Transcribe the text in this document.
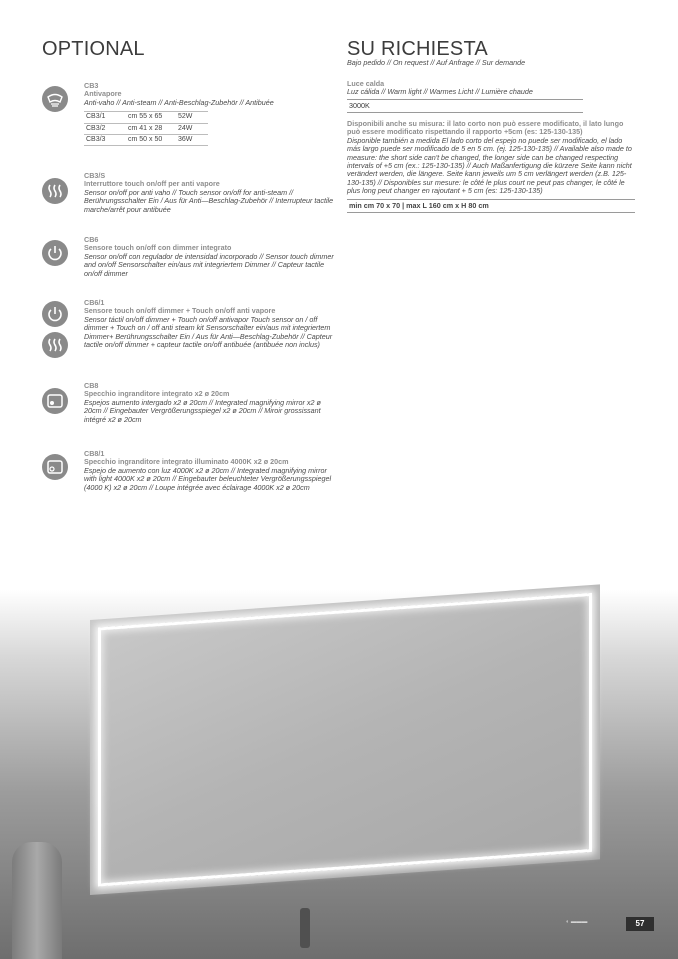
OPTIONAL	SU RICHIESTA
CB3
Antivapore
Anti-vaho // Anti-steam // Anti-Beschlag-Zubehör // Antibuée
CB3/1	cm 55 x 65	52W
CB3/2	cm 41 x 28	24W
CB3/3	cm 50 x 50	36W
CB3/S
Interruttore touch on/off per anti vapore
Sensor on/off por anti vaho // Touch sensor on/off for anti-steam // Berührungsschalter Ein / Aus für Anti—Beschlag-Zubehör // Interrupteur tactile marche/arrêt pour antibuée
CB6
Sensore touch on/off con dimmer integrato
Sensor on/off con regulador de intensidad incorporado // Sensor touch dimmer and on/off Sensorschalter ein/aus mit integriertem Dimmer // Capteur tactile on/off dimmer
CB6/1
Sensore touch on/off dimmer + Touch on/off anti vapore
Sensor táctil on/off dimmer + Touch on/off antivapor Touch sensor on / off dimmer + Touch on / off anti steam kit Sensorschalter ein/aus mit integriertem Dimmer+ Berührungsschalter Ein / Aus für Anti—Beschlag-Zubehör // Capteur tactile on/off dimmer + capteur tactile on/off antibuée (antibuée non inclus)
CB8
Specchio ingranditore integrato x2 ø 20cm
Espejos aumento intergado x2 ø 20cm // Integrated magnifying mirror x2 ø 20cm // Eingebauter Vergrößerungsspiegel x2 ø 20cm // Miroir grossissant intégré x2 ø 20cm
CB8/1
Specchio ingranditore integrato illuminato 4000K x2 ø 20cm
Espejo de aumento con luz 4000K x2 ø 20cm // Integrated magnifying mirror with light 4000K x2 ø 20cm // Eingebauter beleuchteter Vergrößerungsspiegel (4000 K) x2 ø 20cm // Loupe intégrée avec éclairage 4000K x2 ø 20cm
Bajo pedido // On request // Auf Anfrage // Sur demande
Luce calda
Luz cálida // Warm light // Warmes Licht // Lumière chaude
3000K
Disponibili anche su misura: il lato corto non può essere modificato, il lato lungo può essere modificato rispettando il rapporto +5cm (es: 125-130-135)
Disponible también a medida El lado corto del espejo no puede ser modificado, el lado más largo puede ser modificado de 5 en 5 cm. (ej. 125-130-135) // Available also made to measure: the short side can't be changed, the longer side can be changed respecting intervals of +5 cm (ex.: 125-130-135) // Auch Maßanfertigung die kürzere Seite kann nicht verändert werden, die längere. Seite kann jeweils um 5 cm verlängert werden (z.B. 125-130-135) // Disponibles sur mesure: le côté le plus court ne peut pas changer, le côté le plus long peut changer en rajoutant + 5 cm (es: 125-130-135)
min cm 70 x 70 | max L 160 cm x H 80 cm
◐ ▬▬▬	57
